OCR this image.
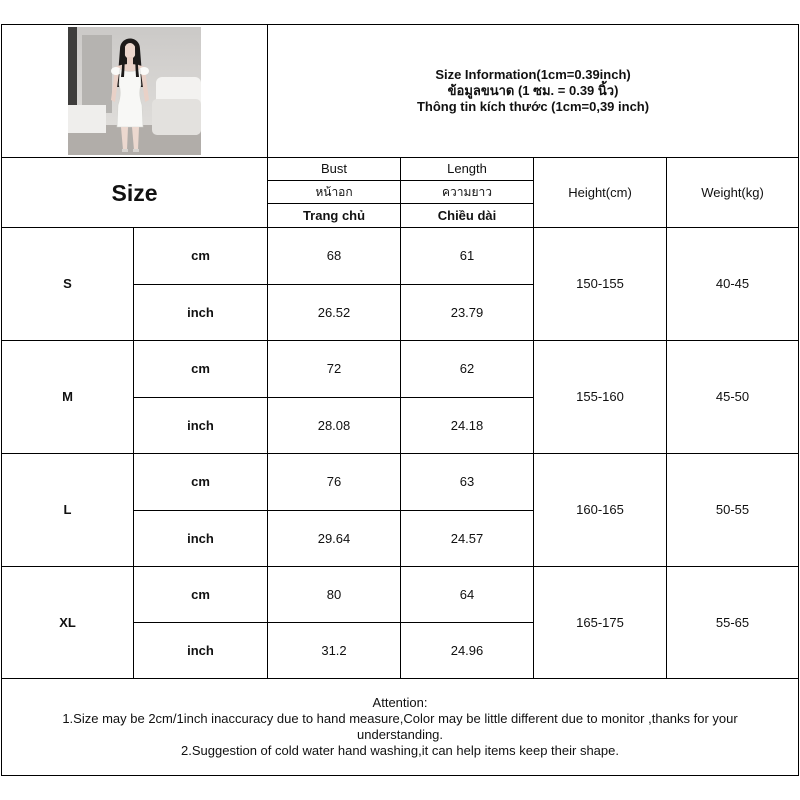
Size Information(1cm=0.39inch)
ข้อมูลขนาด (1 ซม. = 0.39 นิ้ว)
Thông tin kích thước (1cm=0,39 inch)			

Size		Bust	Length	Height(cm)	Weight(kg)
		หน้าอก	ความยาว		
		Trang chủ	Chiều dài		
S	cm	68	61	150-155	40-45
	inch	26.52	23.79		
M	cm	72	62	155-160	45-50
	inch	28.08	24.18		
L	cm	76	63	160-165	50-55
	inch	29.64	24.57		
XL	cm	80	64	165-175	55-65
	inch	31.2	24.96		

Attention:
1.Size may be 2cm/1inch inaccuracy due to hand measure,Color may be little different due to monitor ,thanks for your
understanding.
2.Suggestion of cold water hand washing,it can help items keep their shape.					
